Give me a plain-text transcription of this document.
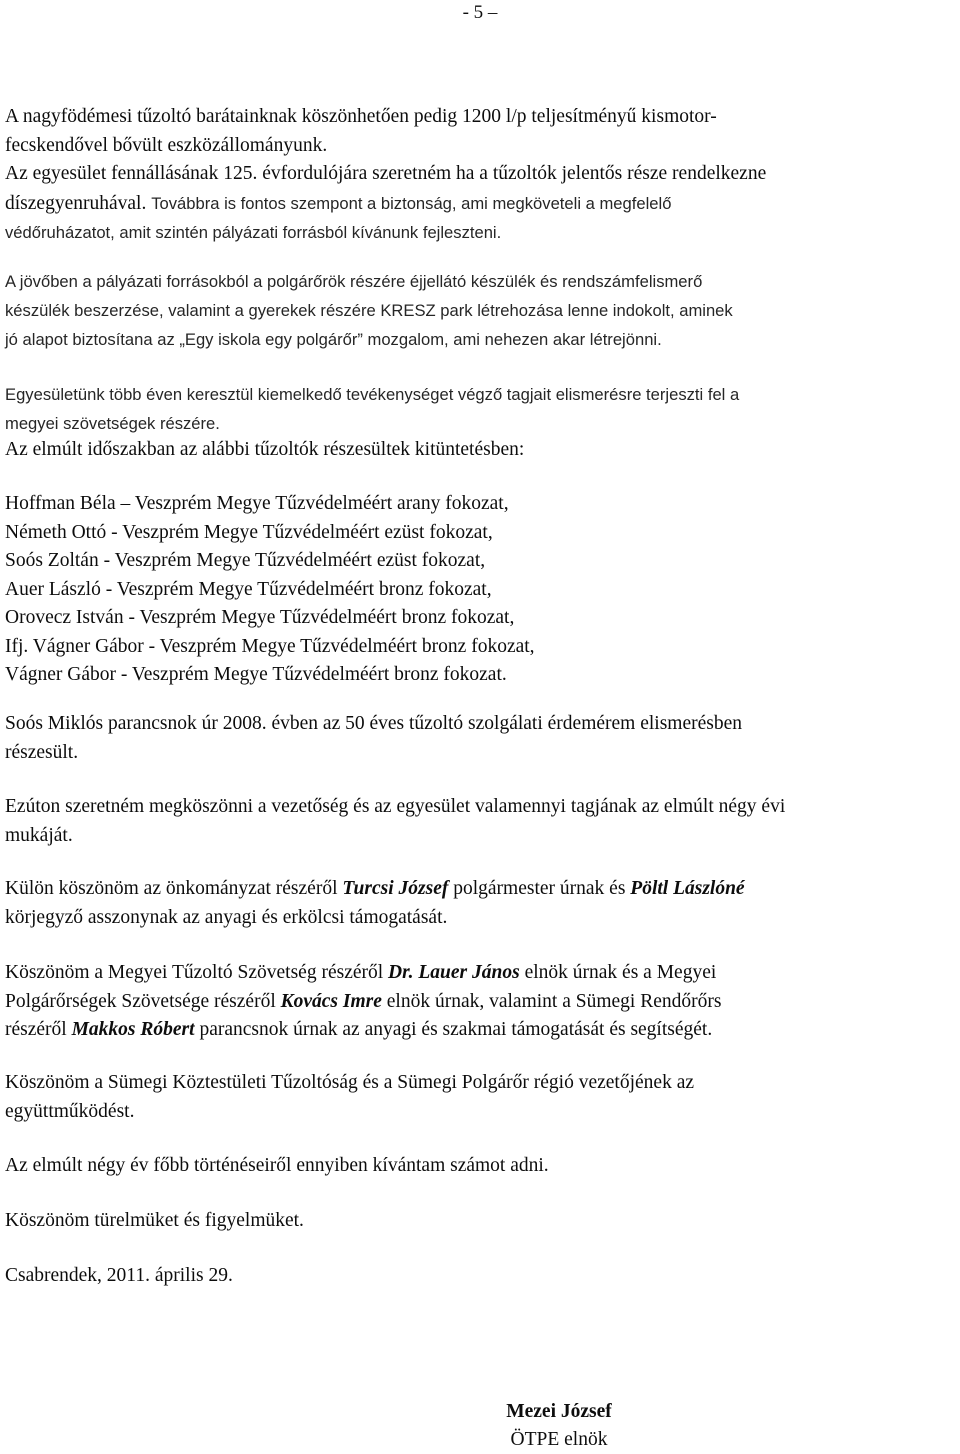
- 5 –
A nagyfödémesi tűzoltó barátainknak köszönhetően pedig 1200 l/p teljesítményű kismotor-
fecskendővel bővült eszközállományunk.
Az egyesület fennállásának 125. évfordulójára szeretném ha a tűzoltók jelentős része rendelkezne
díszegyenruhával. Továbbra is fontos szempont a biztonság, ami megköveteli a megfelelő
védőruházatot, amit szintén pályázati forrásból kívánunk fejleszteni.
A jövőben a pályázati forrásokból a polgárőrök részére éjjellátó készülék és rendszámfelismerő
készülék beszerzése, valamint a gyerekek részére KRESZ park létrehozása lenne indokolt, aminek
jó alapot biztosítana az „Egy iskola egy polgárőr” mozgalom, ami nehezen akar létrejönni.
Egyesületünk több éven keresztül kiemelkedő tevékenységet végző tagjait elismerésre terjeszti fel a
megyei szövetségek részére.
Az elmúlt időszakban az alábbi tűzoltók részesültek kitüntetésben:
Hoffman Béla – Veszprém Megye Tűzvédelméért arany fokozat,
Németh Ottó - Veszprém Megye Tűzvédelméért ezüst fokozat,
Soós Zoltán - Veszprém Megye Tűzvédelméért ezüst fokozat,
Auer László - Veszprém Megye Tűzvédelméért bronz fokozat,
Orovecz István - Veszprém Megye Tűzvédelméért bronz fokozat,
Ifj. Vágner Gábor - Veszprém Megye Tűzvédelméért bronz fokozat,
Vágner Gábor - Veszprém Megye Tűzvédelméért bronz fokozat.
Soós Miklós parancsnok úr 2008. évben az 50 éves tűzoltó szolgálati érdemérem elismerésben
részesült.
Ezúton szeretném megköszönni a vezetőség és az egyesület valamennyi tagjának az elmúlt négy évi
mukáját.
Külön köszönöm az önkományzat részéről Turcsi József polgármester úrnak és Pöltl Lászlóné
körjegyző asszonynak az anyagi és erkölcsi támogatását.
Köszönöm a Megyei Tűzoltó Szövetség részéről Dr. Lauer János elnök úrnak és a Megyei
Polgárőrségek Szövetsége részéről Kovács Imre elnök úrnak, valamint a Sümegi Rendőrőrs
részéről Makkos Róbert parancsnok úrnak az anyagi és szakmai támogatását és segítségét.
Köszönöm a Sümegi Köztestületi Tűzoltóság és a Sümegi Polgárőr régió vezetőjének az
együttműködést.
Az elmúlt négy év főbb történéseiről ennyiben kívántam számot adni.
Köszönöm türelmüket és figyelmüket.
Csabrendek, 2011. április 29.
Mezei József
ÖTPE elnök
